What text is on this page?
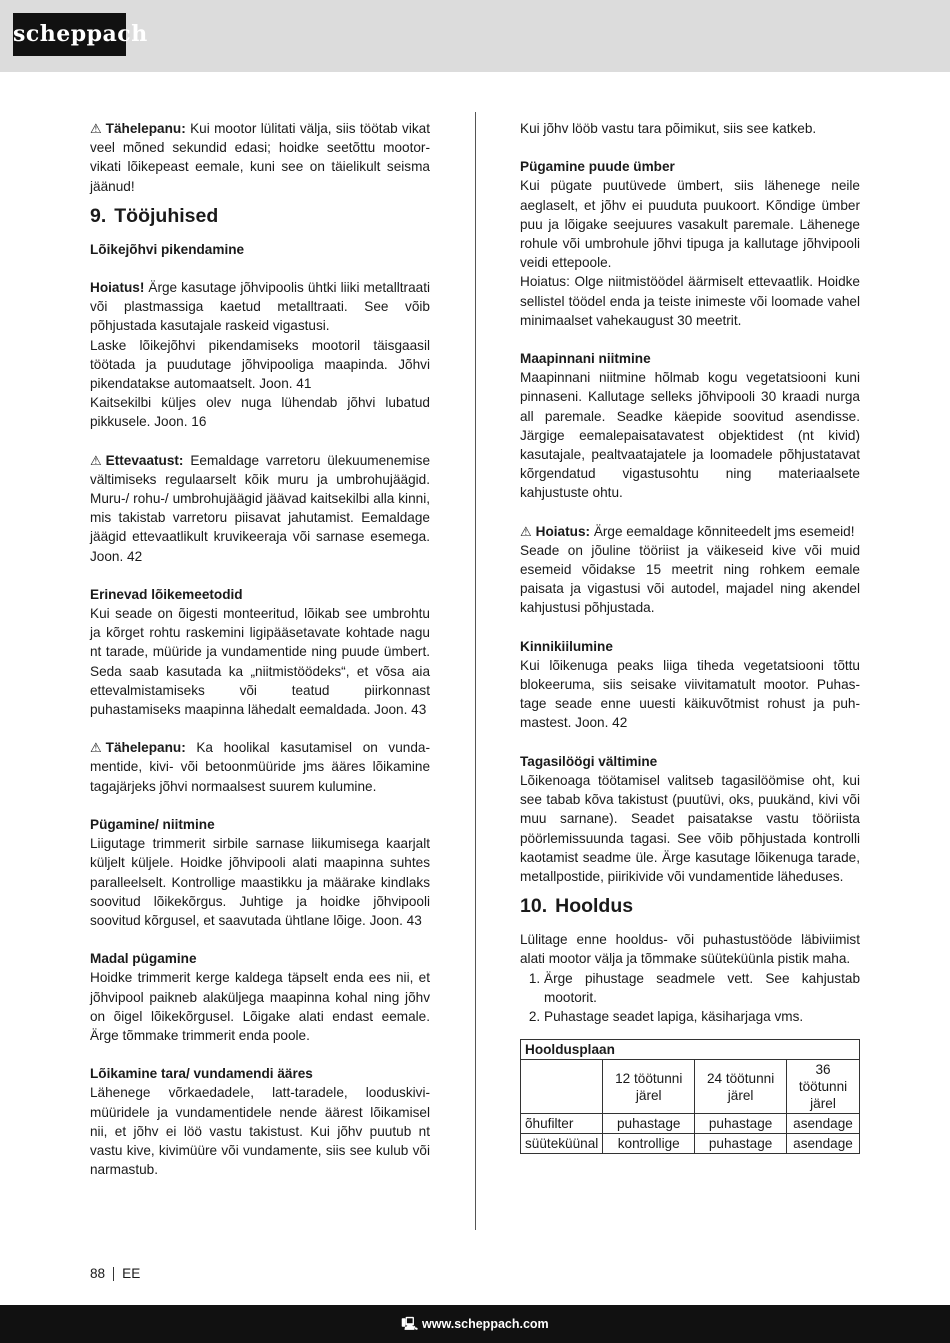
scheppach

⚠ Tähelepanu: Kui mootor lülitati välja, siis töötab vikat veel mõned sekundid edasi; hoidke seetõttu mootorvikati lõikepeast eemale, kuni see on täielikult seisma jäänud!

9. Tööjuhised

Lõikejõhvi pikendamine

Hoiatus! Ärge kasutage jõhvipoolis ühtki liiki metalltraati või plastmassiga kaetud metalltraati. See võib põhjustada kasutajale raskeid vigastusi.

Laske lõikejõhvi pikendamiseks mootoril täisgaasil töötada ja puudutage jõhvipooliga maapinda. Jõhvi pikendatakse automaatselt. Joon. 41

Kaitsekilbi küljes olev nuga lühendab jõhvi lubatud pikkusele. Joon. 16

⚠ Ettevaatust: Eemaldage varretoru ülekuumenemise vältimiseks regulaarselt kõik muru ja umbrohujäägid. Muru-/ rohu-/ umbrohujäägid jäävad kaitsekilbi alla kinni, mis takistab varretoru piisavat jahutamist. Eemaldage jäägid ettevaatlikult kruvikeeraja või sarnase esemega. Joon. 42

Erinevad lõikemeetodid

Kui seade on õigesti monteeritud, lõikab see umbrohtu ja kõrget rohtu raskemini ligipääsetavate kohtade nagu nt tarade, müüride ja vundamentide ning puude ümbert. Seda saab kasutada ka „niitmistöödeks“, et võsa aia ettevalmistamiseks või teatud piirkonnast puhastamiseks maapinna lähedalt eemaldada. Joon. 43

⚠ Tähelepanu: Ka hoolikal kasutamisel on vundamentide, kivi- või betoonmüüride jms ääres lõikamine tagajärjeks jõhvi normaalsest suurem kulumine.

Pügamine/ niitmine

Liigutage trimmerit sirbile sarnase liikumisega kaarjalt küljelt küljele. Hoidke jõhvipooli alati maapinna suhtes paralleelselt. Kontrollige maastikku ja määrake kindlaks soovitud lõikekõrgus. Juhtige ja hoidke jõhvipooli soovitud kõrgusel, et saavutada ühtlane lõige. Joon. 43

Madal pügamine

Hoidke trimmerit kerge kaldega täpselt enda ees nii, et jõhvipool paikneb alaküljega maapinna kohal ning jõhv on õigel lõikekõrgusel. Lõigake alati endast eemale. Ärge tõmmake trimmerit enda poole.

Lõikamine tara/ vundamendi ääres

Lähenege võrkaedadele, latt-taradele, looduskivimüüridele ja vundamentidele nende äärest lõikamisel nii, et jõhv ei löö vastu takistust. Kui jõhv puutub nt vastu kive, kivimüüre või vundamente, siis see kulub või narmastub.

Kui jõhv lööb vastu tara põimikut, siis see katkeb.

Pügamine puude ümber

Kui pügate puutüvede ümbert, siis lähenege neile aeglaselt, et jõhv ei puuduta puukoort. Kõndige ümber puu ja lõigake seejuures vasakult paremale. Lähenege rohule või umbrohule jõhvi tipuga ja kallutage jõhvipooli veidi ettepoole.

Hoiatus: Olge niitmistöödel äärmiselt ettevaatlik. Hoidke sellistel töödel enda ja teiste inimeste või loomade vahel minimaalset vahekaugust 30 meetrit.

Maapinnani niitmine

Maapinnani niitmine hõlmab kogu vegetatsiooni kuni pinnaseni. Kallutage selleks jõhvipooli 30 kraadi nurga all paremale. Seadke käepide soovitud asendisse. Järgige eemalepaisatavatest objektidest (nt kivid) kasutajale, pealtvaatajatele ja loomadele põhjustatavat kõrgendatud vigastusohtu ning materiaalsete kahjustuste ohtu.

⚠ Hoiatus: Ärge eemaldage kõnniteedelt jms esemeid!

Seade on jõuline tööriist ja väikeseid kive või muid esemeid võidakse 15 meetrit ning rohkem eemale paisata ja vigastusi või autodel, majadel ning akendel kahjustusi põhjustada.

Kinnikiilumine

Kui lõikenuga peaks liiga tiheda vegetatsiooni tõttu blokeeruma, siis seisake viivitamatult mootor. Puhastage seade enne uuesti käikuvõtmist rohust ja puhmastest. Joon. 42

Tagasilöögi vältimine

Lõikenoaga töötamisel valitseb tagasilöömise oht, kui see tabab kõva takistust (puutüvi, oks, puukänd, kivi või muu sarnane). Seadet paisatakse vastu tööriista pöörlemissuunda tagasi. See võib põhjustada kontrolli kaotamist seadme üle. Ärge kasutage lõikenuga tarade, metallpostide, piirikivide või vundamentide läheduses.

10. Hooldus

Lülitage enne hooldus- või puhastustööde läbiviimist alati mootor välja ja tõmmake süüteküünla pistik maha.

1. Ärge pihustage seadmele vett. See kahjustab mootorit.
2. Puhastage seadet lapiga, käsiharjaga vms.
Hooldusplaan			
	12 töötunni järel	24 töötunni järel	36 töötunni järel
õhufilter	puhastage	puhastage	asendage
süüteküünal	kontrollige	puhastage	asendage
88 EE
🖳 www.scheppach.com
